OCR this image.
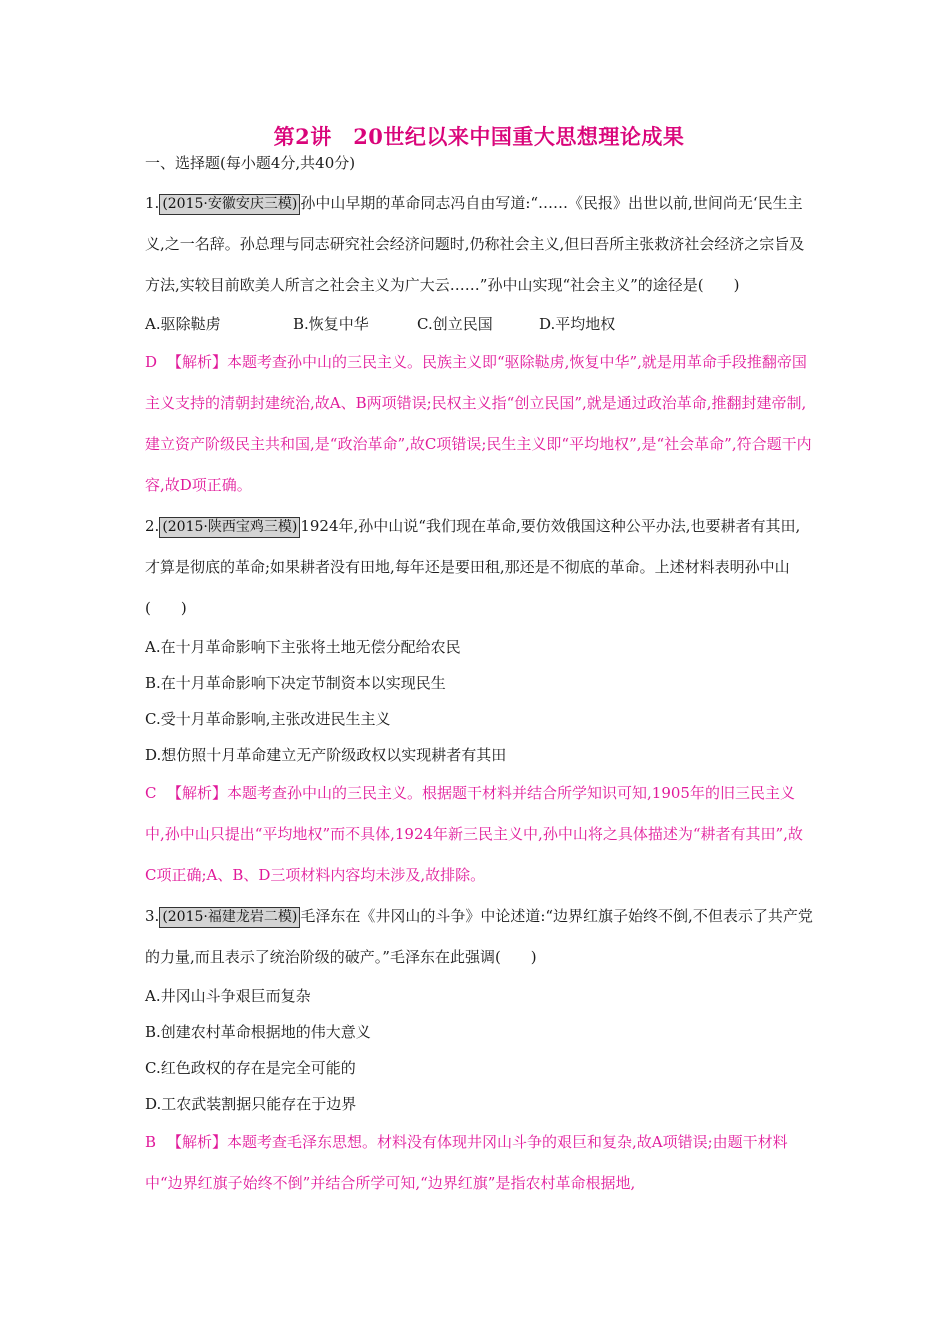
第2讲　20世纪以来中国重大思想理论成果

一、选择题(每小题4分,共40分)

1. (2015·安徽安庆三模) 孙中山早期的革命同志冯自由写道:“……《民报》出世以前,世间尚无‘民生主义,之一名辞。孙总理与同志研究社会经济问题时,仍称社会主义,但曰吾所主张救济社会经济之宗旨及方法,实较目前欧美人所言之社会主义为广大云……”孙中山实现“社会主义”的途径是(　　)

A.驱除鞑虏	B.恢复中华	C.创立民国	D.平均地权

D 【解析】本题考查孙中山的三民主义。民族主义即“驱除鞑虏,恢复中华”,就是用革命手段推翻帝国主义支持的清朝封建统治,故A、B两项错误;民权主义指“创立民国”,就是通过政治革命,推翻封建帝制,建立资产阶级民主共和国,是“政治革命”,故C项错误;民生主义即“平均地权”,是“社会革命”,符合题干内容,故D项正确。

2. (2015·陕西宝鸡三模) 1924年,孙中山说“我们现在革命,要仿效俄国这种公平办法,也要耕者有其田,才算是彻底的革命;如果耕者没有田地,每年还是要田租,那还是不彻底的革命。上述材料表明孙中山(　　)

A.在十月革命影响下主张将土地无偿分配给农民

B.在十月革命影响下决定节制资本以实现民生

C.受十月革命影响,主张改进民生主义

D.想仿照十月革命建立无产阶级政权以实现耕者有其田

C 【解析】本题考查孙中山的三民主义。根据题干材料并结合所学知识可知,1905年的旧三民主义中,孙中山只提出“平均地权”而不具体,1924年新三民主义中,孙中山将之具体描述为“耕者有其田”,故C项正确;A、B、D三项材料内容均未涉及,故排除。

3. (2015·福建龙岩二模) 毛泽东在《井冈山的斗争》中论述道:“边界红旗子始终不倒,不但表示了共产党的力量,而且表示了统治阶级的破产。”毛泽东在此强调(　　)

A.井冈山斗争艰巨而复杂

B.创建农村革命根据地的伟大意义

C.红色政权的存在是完全可能的

D.工农武装割据只能存在于边界

B 【解析】本题考查毛泽东思想。材料没有体现井冈山斗争的艰巨和复杂,故A项错误;由题干材料中“边界红旗子始终不倒”并结合所学可知,“边界红旗”是指农村革命根据地,
